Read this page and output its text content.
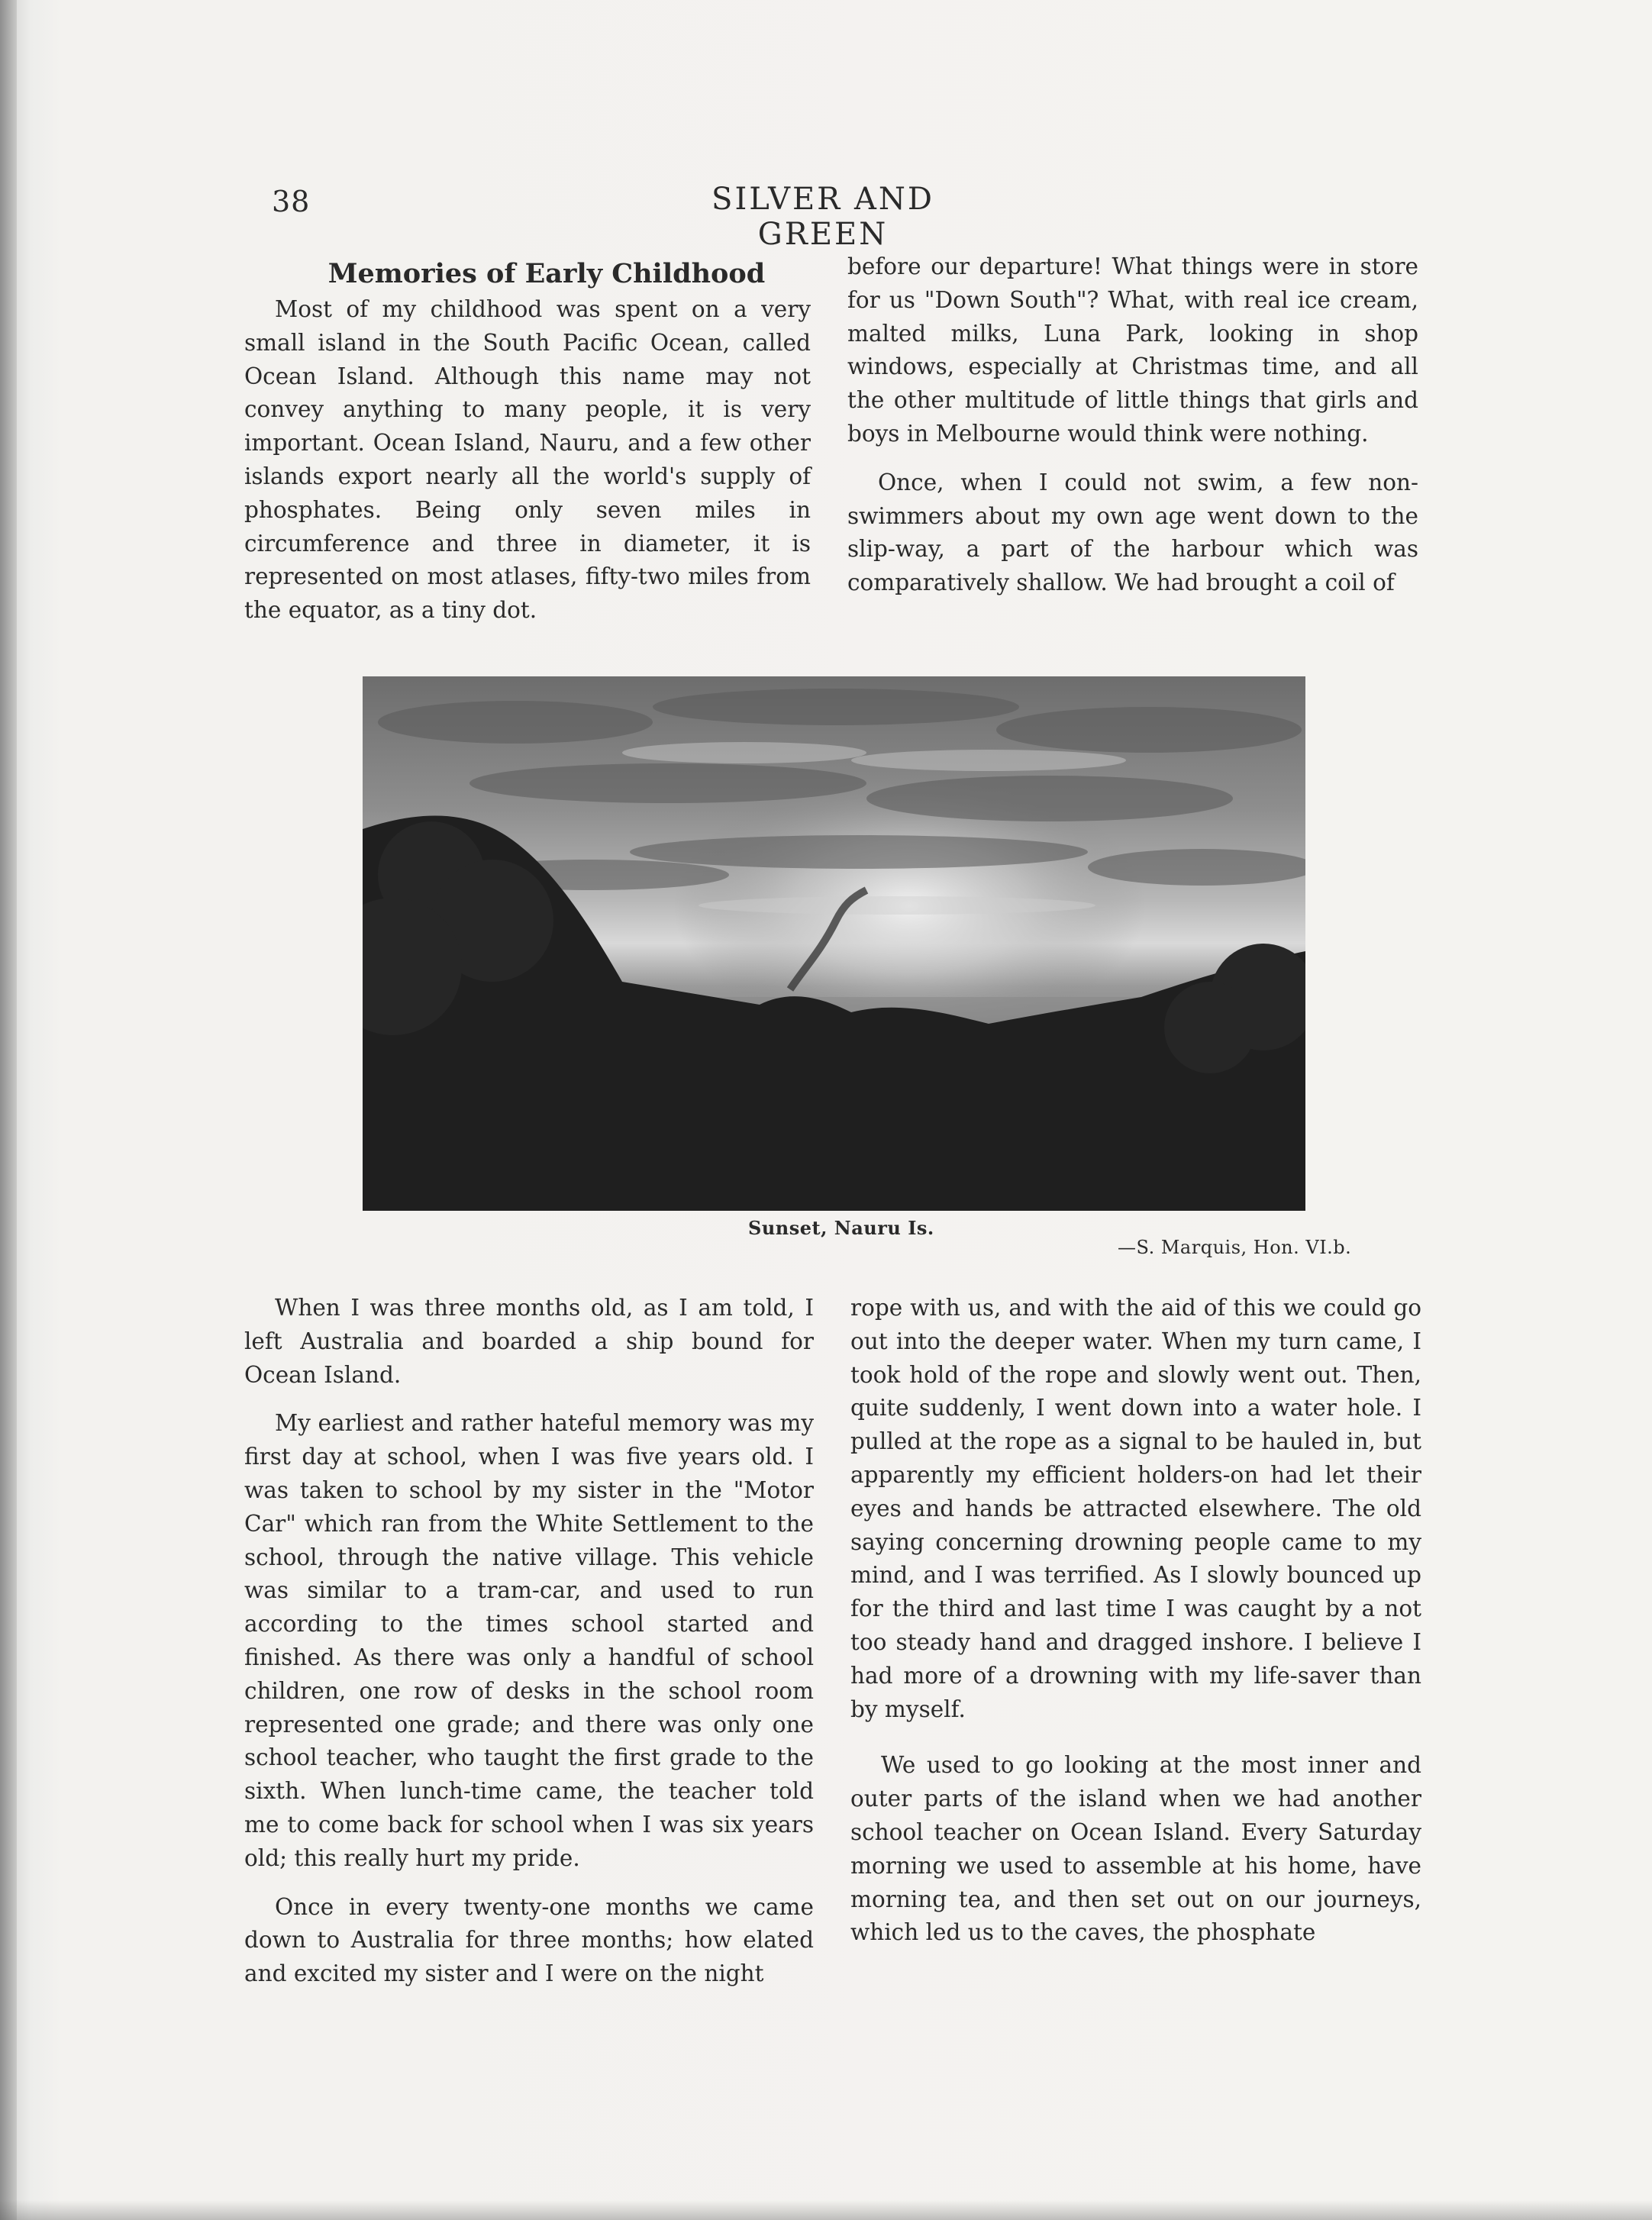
38	SILVER AND GREEN
Memories of Early Childhood

Most of my childhood was spent on a very small island in the South Pacific Ocean, called Ocean Island. Although this name may not convey anything to many people, it is very important. Ocean Island, Nauru, and a few other islands export nearly all the world's supply of phosphates. Being only seven miles in circumference and three in diameter, it is represented on most atlases, fifty-two miles from the equator, as a tiny dot.

before our departure! What things were in store for us "Down South"? What, with real ice cream, malted milks, Luna Park, looking in shop windows, especially at Christmas time, and all the other multitude of little things that girls and boys in Melbourne would think were nothing.

Once, when I could not swim, a few non-swimmers about my own age went down to the slip-way, a part of the harbour which was comparatively shallow. We had brought a coil of

Sunset, Nauru Is.
—S. Marquis, Hon. VI.b.

When I was three months old, as I am told, I left Australia and boarded a ship bound for Ocean Island.

My earliest and rather hateful memory was my first day at school, when I was five years old. I was taken to school by my sister in the "Motor Car" which ran from the White Settlement to the school, through the native village. This vehicle was similar to a tram-car, and used to run according to the times school started and finished. As there was only a handful of school children, one row of desks in the school room represented one grade; and there was only one school teacher, who taught the first grade to the sixth. When lunch-time came, the teacher told me to come back for school when I was six years old; this really hurt my pride.

Once in every twenty-one months we came down to Australia for three months; how elated and excited my sister and I were on the night

rope with us, and with the aid of this we could go out into the deeper water. When my turn came, I took hold of the rope and slowly went out. Then, quite suddenly, I went down into a water hole. I pulled at the rope as a signal to be hauled in, but apparently my efficient holders-on had let their eyes and hands be attracted elsewhere. The old saying concerning drowning people came to my mind, and I was terrified. As I slowly bounced up for the third and last time I was caught by a not too steady hand and dragged inshore. I believe I had more of a drowning with my life-saver than by myself.

We used to go looking at the most inner and outer parts of the island when we had another school teacher on Ocean Island. Every Saturday morning we used to assemble at his home, have morning tea, and then set out on our journeys, which led us to the caves, the phosphate
